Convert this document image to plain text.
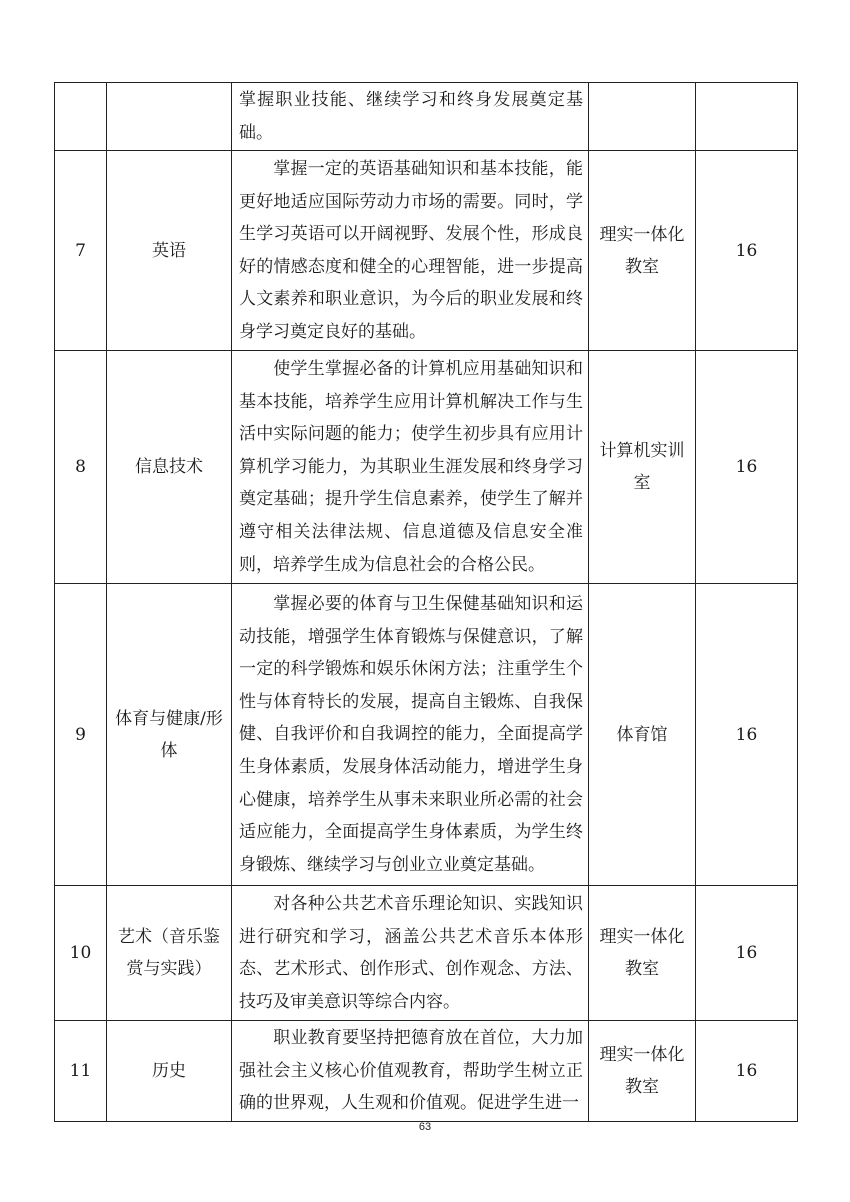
		掌握职业技能、继续学习和终身发展奠定基础。		
7	英语	掌握一定的英语基础知识和基本技能，能更好地适应国际劳动力市场的需要。同时，学生学习英语可以开阔视野、发展个性，形成良好的情感态度和健全的心理智能，进一步提高人文素养和职业意识，为今后的职业发展和终身学习奠定良好的基础。	理实一体化教室	16
8	信息技术	使学生掌握必备的计算机应用基础知识和基本技能，培养学生应用计算机解决工作与生活中实际问题的能力；使学生初步具有应用计算机学习能力，为其职业生涯发展和终身学习奠定基础；提升学生信息素养，使学生了解并遵守相关法律法规、信息道德及信息安全准则，培养学生成为信息社会的合格公民。	计算机实训室	16
9	体育与健康/形体	掌握必要的体育与卫生保健基础知识和运动技能，增强学生体育锻炼与保健意识，了解一定的科学锻炼和娱乐休闲方法；注重学生个性与体育特长的发展，提高自主锻炼、自我保健、自我评价和自我调控的能力，全面提高学生身体素质，发展身体活动能力，增进学生身心健康，培养学生从事未来职业所必需的社会适应能力，全面提高学生身体素质，为学生终身锻炼、继续学习与创业立业奠定基础。	体育馆	16
10	艺术（音乐鉴赏与实践）	对各种公共艺术音乐理论知识、实践知识进行研究和学习，涵盖公共艺术音乐本体形态、艺术形式、创作形式、创作观念、方法、技巧及审美意识等综合内容。	理实一体化教室	16
11	历史	职业教育要坚持把德育放在首位，大力加强社会主义核心价值观教育，帮助学生树立正确的世界观，人生观和价值观。促进学生进一	理实一体化教室	16
63
